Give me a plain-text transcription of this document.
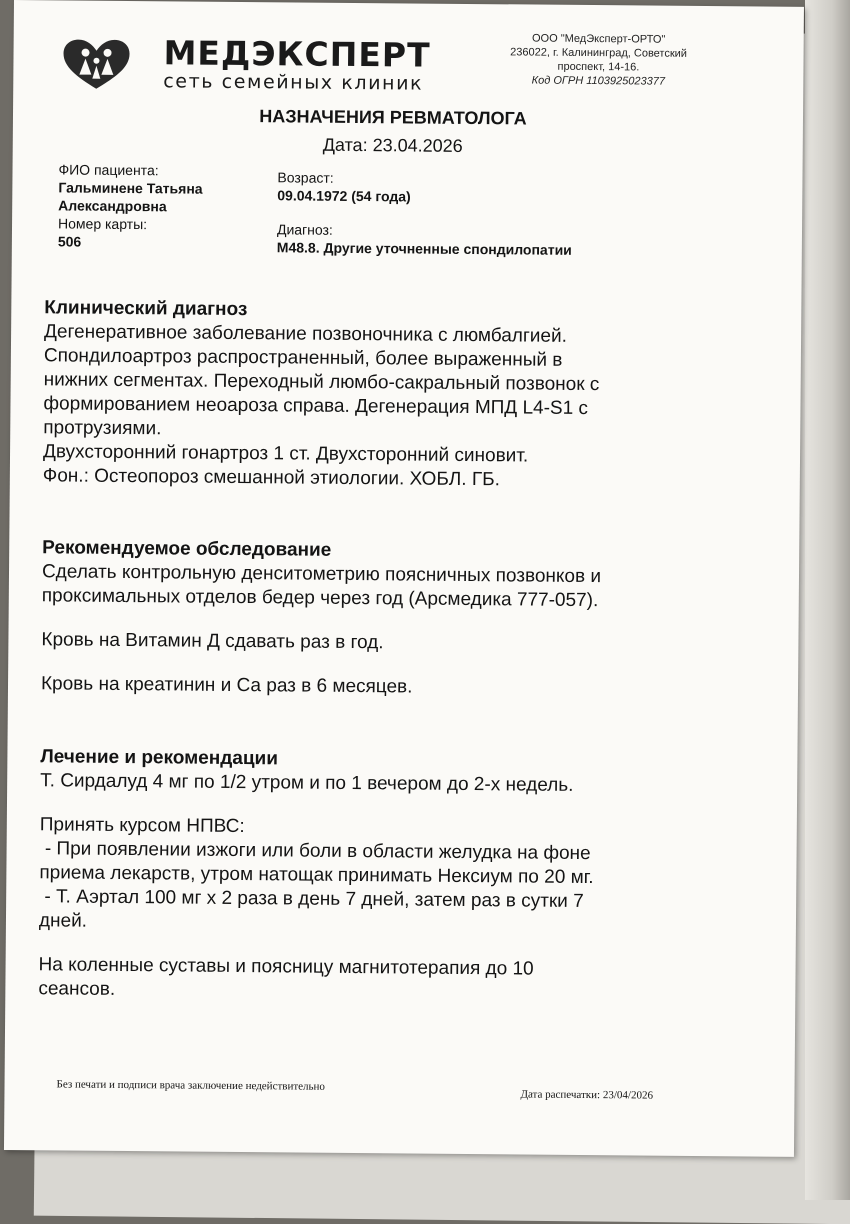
МЕДЭКСПЕРТ
сеть семейных клиник
ООО "МедЭксперт-ОРТО"
236022, г. Калининград, Советский
проспект, 14-16.
Код ОГРН 1103925023377
НАЗНАЧЕНИЯ РЕВМАТОЛОГА
Дата: 23.04.2026
ФИО пациента:
Гальминене Татьяна
Александровна
Номер карты:
506
Возраст:
09.04.1972 (54 года)
Диагноз:
M48.8. Другие уточненные спондилопатии

Клинический диагноз

Дегенеративное заболевание позвоночника с люмбалгией.

Спондилоартроз распространенный, более выраженный в

нижних сегментах. Переходный люмбо-сакральный позвонок с

формированием неоароза справа. Дегенерация МПД L4-S1 с

протрузиями.

Двухсторонний гонартроз 1 ст. Двухсторонний синовит.

Фон.: Остеопороз смешанной этиологии. ХОБЛ. ГБ.

Рекомендуемое обследование

Сделать контрольную денситометрию поясничных позвонков и

проксимальных отделов бедер через год (Арсмедика 777-057).

Кровь на Витамин Д сдавать раз в год.

Кровь на креатинин и Са раз в 6 месяцев.

Лечение и рекомендации

Т. Сирдалуд 4 мг по 1/2 утром и по 1 вечером до 2-х недель.

Принять курсом НПВС:

- При появлении изжоги или боли в области желудка на фоне

приема лекарств, утром натощак принимать Нексиум по 20 мг.

- Т. Аэртал 100 мг х 2 раза в день 7 дней, затем раз в сутки 7

дней.

На коленные суставы и поясницу магнитотерапия до 10

сеансов.

Без печати и подписи врача заключение недействительно
Дата распечатки: 23/04/2026
